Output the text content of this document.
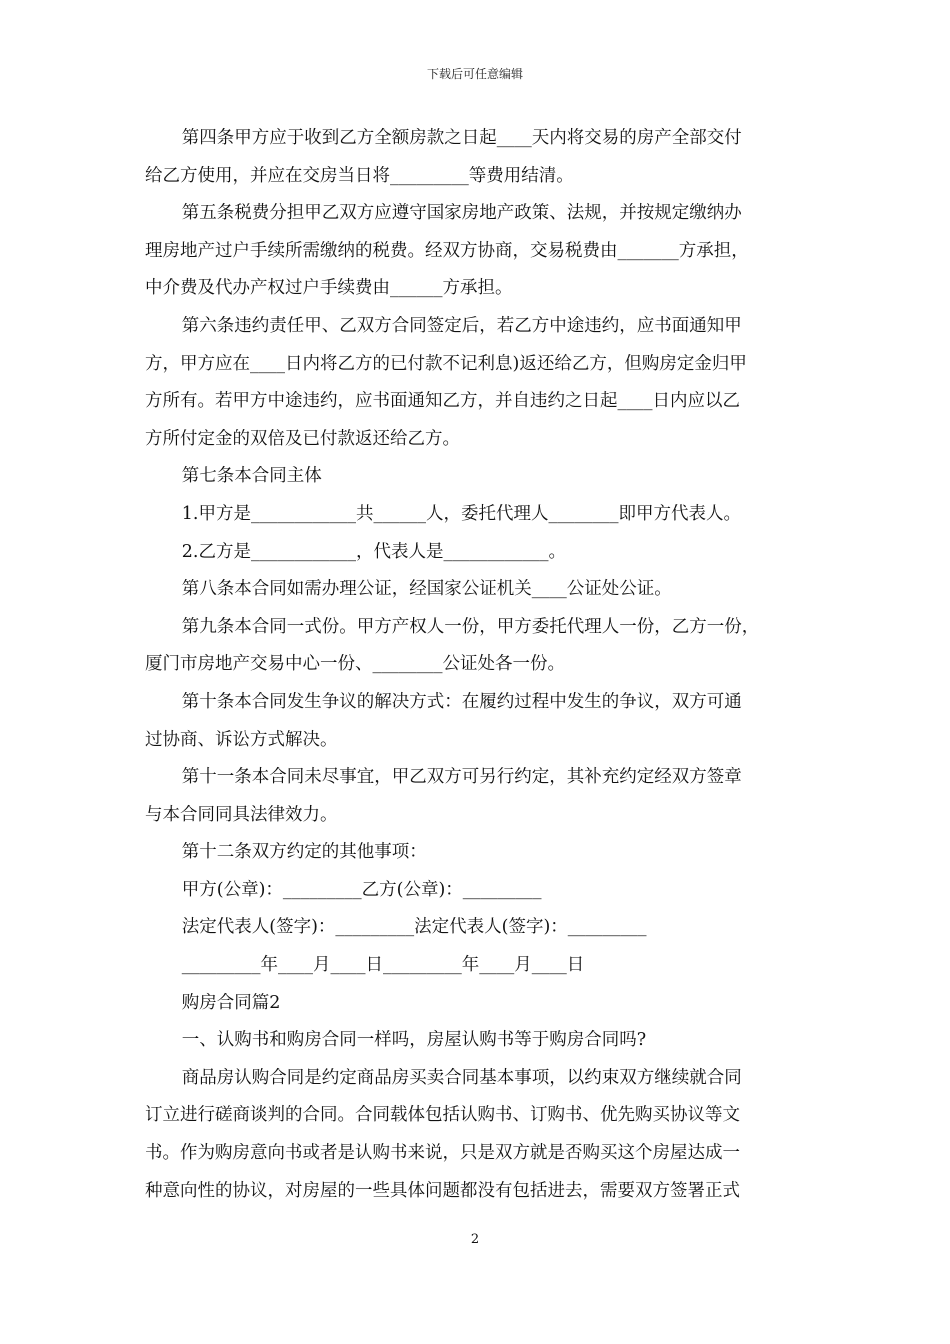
下载后可任意编辑

第四条甲方应于收到乙方全额房款之日起____天内将交易的房产全部交付
给乙方使用，并应在交房当日将_________等费用结清。

第五条税费分担甲乙双方应遵守国家房地产政策、法规，并按规定缴纳办
理房地产过户手续所需缴纳的税费。经双方协商，交易税费由_______方承担，
中介费及代办产权过户手续费由______方承担。

第六条违约责任甲、乙双方合同签定后，若乙方中途违约，应书面通知甲
方，甲方应在____日内将乙方的已付款不记利息)返还给乙方，但购房定金归甲
方所有。若甲方中途违约，应书面通知乙方，并自违约之日起____日内应以乙
方所付定金的双倍及已付款返还给乙方。

第七条本合同主体

1.甲方是____________共______人，委托代理人________即甲方代表人。

2.乙方是____________，代表人是____________。

第八条本合同如需办理公证，经国家公证机关____公证处公证。

第九条本合同一式份。甲方产权人一份，甲方委托代理人一份，乙方一份，
厦门市房地产交易中心一份、________公证处各一份。

第十条本合同发生争议的解决方式：在履约过程中发生的争议，双方可通
过协商、诉讼方式解决。

第十一条本合同未尽事宜，甲乙双方可另行约定，其补充约定经双方签章
与本合同同具法律效力。

第十二条双方约定的其他事项：

甲方(公章)：_________乙方(公章)：_________

法定代表人(签字)：_________法定代表人(签字)：_________

_________年____月____日_________年____月____日

购房合同篇2

一、认购书和购房合同一样吗，房屋认购书等于购房合同吗?

商品房认购合同是约定商品房买卖合同基本事项，以约束双方继续就合同
订立进行磋商谈判的合同。合同载体包括认购书、订购书、优先购买协议等文
书。作为购房意向书或者是认购书来说，只是双方就是否购买这个房屋达成一
种意向性的协议，对房屋的一些具体问题都没有包括进去，需要双方签署正式

2
